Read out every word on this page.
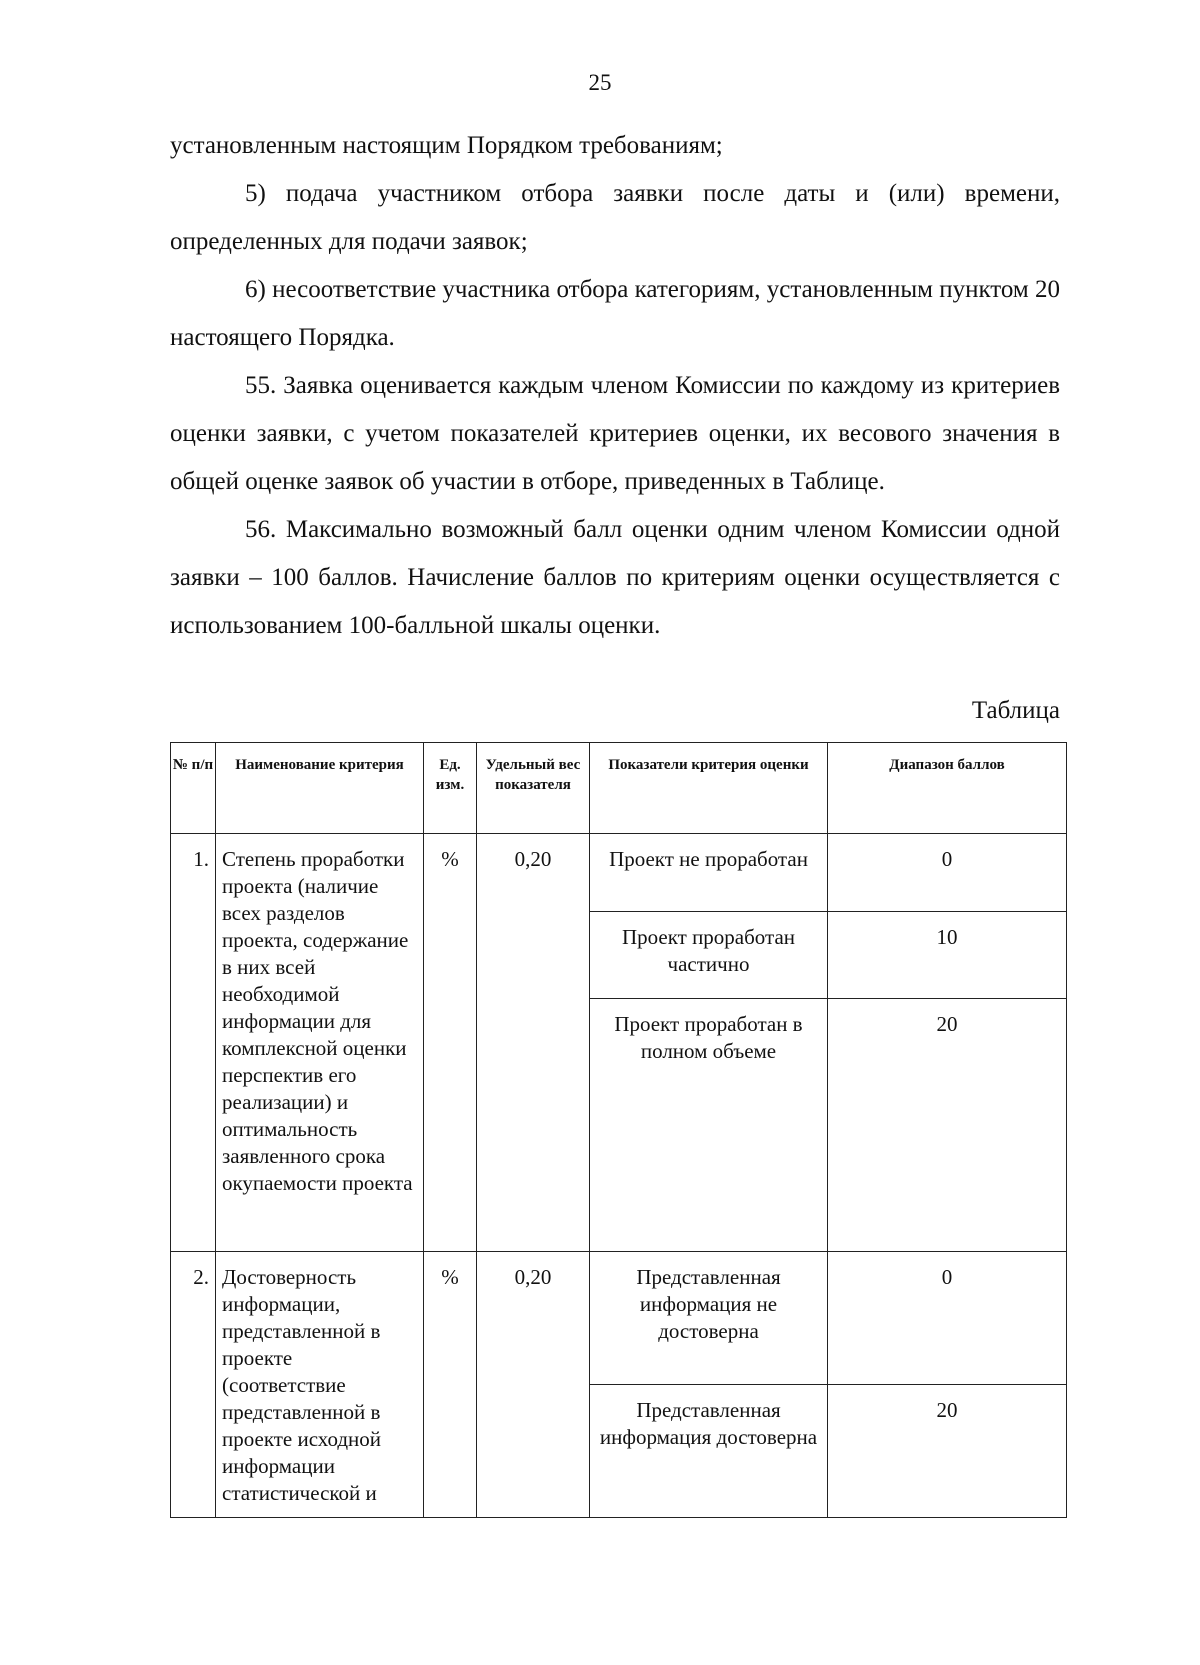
25

установленным настоящим Порядком требованиям;

5) подача участником отбора заявки после даты и (или) времени, определенных для подачи заявок;

6) несоответствие участника отбора категориям, установленным пунктом 20 настоящего Порядка.

55. Заявка оценивается каждым членом Комиссии по каждому из критериев оценки заявки, с учетом показателей критериев оценки, их весового значения в общей оценке заявок об участии в отборе, приведенных в Таблице.

56. Максимально возможный балл оценки одним членом Комиссии одной заявки – 100 баллов. Начисление баллов по критериям оценки осуществляется с использованием 100-балльной шкалы оценки.

Таблица
№ п/п	Наименование критерия	Ед. изм.	Удельный вес показателя	Показатели критерия оценки	Диапазон баллов
1.	Степень проработки проекта (наличие всех разделов проекта, содержание в них всей необходимой информации для комплексной оценки перспектив его реализации) и оптимальность заявленного срока окупаемости проекта	%	0,20	Проект не проработан	0
				Проект проработан частично	10
				Проект проработан в полном объеме	20
2.	Достоверность информации, представленной в проекте (соответствие представленной в проекте исходной информации статистической и	%	0,20	Представленная информация не достоверна	0
				Представленная информация достоверна	20
